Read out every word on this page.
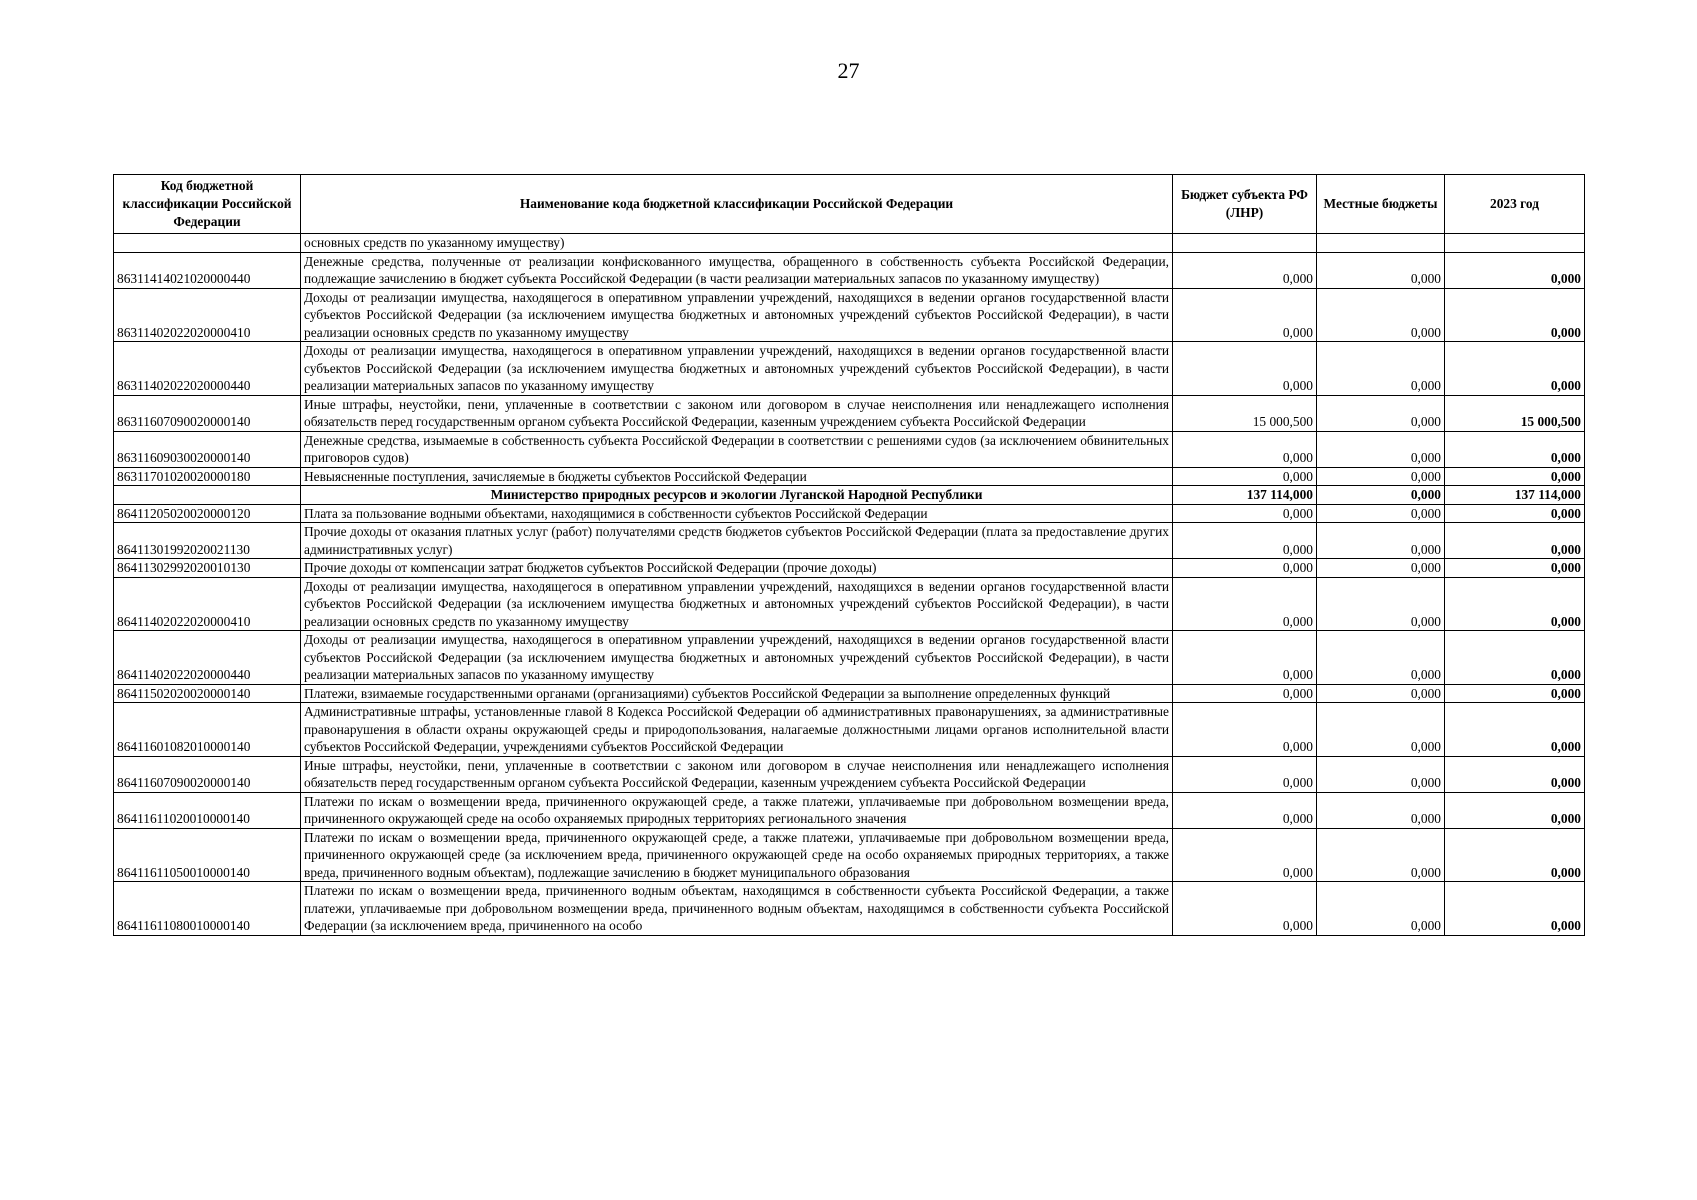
27
Код бюджетной классификации Российской Федерации	Наименование кода бюджетной классификации Российской Федерации	Бюджет субъекта РФ (ЛНР)	Местные бюджеты	2023 год
	основных средств по указанному имуществу)			
86311414021020000440	Денежные средства, полученные от реализации конфискованного имущества, обращенного в собственность субъекта Российской Федерации, подлежащие зачислению в бюджет субъекта Российской Федерации (в части реализации материальных запасов по указанному имуществу)	0,000	0,000	0,000
86311402022020000410	Доходы от реализации имущества, находящегося в оперативном управлении учреждений, находящихся в ведении органов государственной власти субъектов Российской Федерации (за исключением имущества бюджетных и автономных учреждений субъектов Российской Федерации), в части реализации основных средств по указанному имуществу	0,000	0,000	0,000
86311402022020000440	Доходы от реализации имущества, находящегося в оперативном управлении учреждений, находящихся в ведении органов государственной власти субъектов Российской Федерации (за исключением имущества бюджетных и автономных учреждений субъектов Российской Федерации), в части реализации материальных запасов по указанному имуществу	0,000	0,000	0,000
86311607090020000140	Иные штрафы, неустойки, пени, уплаченные в соответствии с законом или договором в случае неисполнения или ненадлежащего исполнения обязательств перед государственным органом субъекта Российской Федерации, казенным учреждением субъекта Российской Федерации	15 000,500	0,000	15 000,500
86311609030020000140	Денежные средства, изымаемые в собственность субъекта Российской Федерации в соответствии с решениями судов (за исключением обвинительных приговоров судов)	0,000	0,000	0,000
86311701020020000180	Невыясненные поступления, зачисляемые в бюджеты субъектов Российской Федерации	0,000	0,000	0,000
	Министерство природных ресурсов и экологии Луганской Народной Республики	137 114,000	0,000	137 114,000
86411205020020000120	Плата за пользование водными объектами, находящимися в собственности субъектов Российской Федерации	0,000	0,000	0,000
86411301992020021130	Прочие доходы от оказания платных услуг (работ) получателями средств бюджетов субъектов Российской Федерации (плата за предоставление других административных услуг)	0,000	0,000	0,000
86411302992020010130	Прочие доходы от компенсации затрат бюджетов субъектов Российской Федерации (прочие доходы)	0,000	0,000	0,000
86411402022020000410	Доходы от реализации имущества, находящегося в оперативном управлении учреждений, находящихся в ведении органов государственной власти субъектов Российской Федерации (за исключением имущества бюджетных и автономных учреждений субъектов Российской Федерации), в части реализации основных средств по указанному имуществу	0,000	0,000	0,000
86411402022020000440	Доходы от реализации имущества, находящегося в оперативном управлении учреждений, находящихся в ведении органов государственной власти субъектов Российской Федерации (за исключением имущества бюджетных и автономных учреждений субъектов Российской Федерации), в части реализации материальных запасов по указанному имуществу	0,000	0,000	0,000
86411502020020000140	Платежи, взимаемые государственными органами (организациями) субъектов Российской Федерации за выполнение определенных функций	0,000	0,000	0,000
86411601082010000140	Административные штрафы, установленные главой 8 Кодекса Российской Федерации об административных правонарушениях, за административные правонарушения в области охраны окружающей среды и природопользования, налагаемые должностными лицами органов исполнительной власти субъектов Российской Федерации, учреждениями субъектов Российской Федерации	0,000	0,000	0,000
86411607090020000140	Иные штрафы, неустойки, пени, уплаченные в соответствии с законом или договором в случае неисполнения или ненадлежащего исполнения обязательств перед государственным органом субъекта Российской Федерации, казенным учреждением субъекта Российской Федерации	0,000	0,000	0,000
86411611020010000140	Платежи по искам о возмещении вреда, причиненного окружающей среде, а также платежи, уплачиваемые при добровольном возмещении вреда, причиненного окружающей среде на особо охраняемых природных территориях регионального значения	0,000	0,000	0,000
86411611050010000140	Платежи по искам о возмещении вреда, причиненного окружающей среде, а также платежи, уплачиваемые при добровольном возмещении вреда, причиненного окружающей среде (за исключением вреда, причиненного окружающей среде на особо охраняемых природных территориях, а также вреда, причиненного водным объектам), подлежащие зачислению в бюджет муниципального образования	0,000	0,000	0,000
86411611080010000140	Платежи по искам о возмещении вреда, причиненного водным объектам, находящимся в собственности субъекта Российской Федерации, а также платежи, уплачиваемые при добровольном возмещении вреда, причиненного водным объектам, находящимся в собственности субъекта Российской Федерации (за исключением вреда, причиненного на особо	0,000	0,000	0,000
